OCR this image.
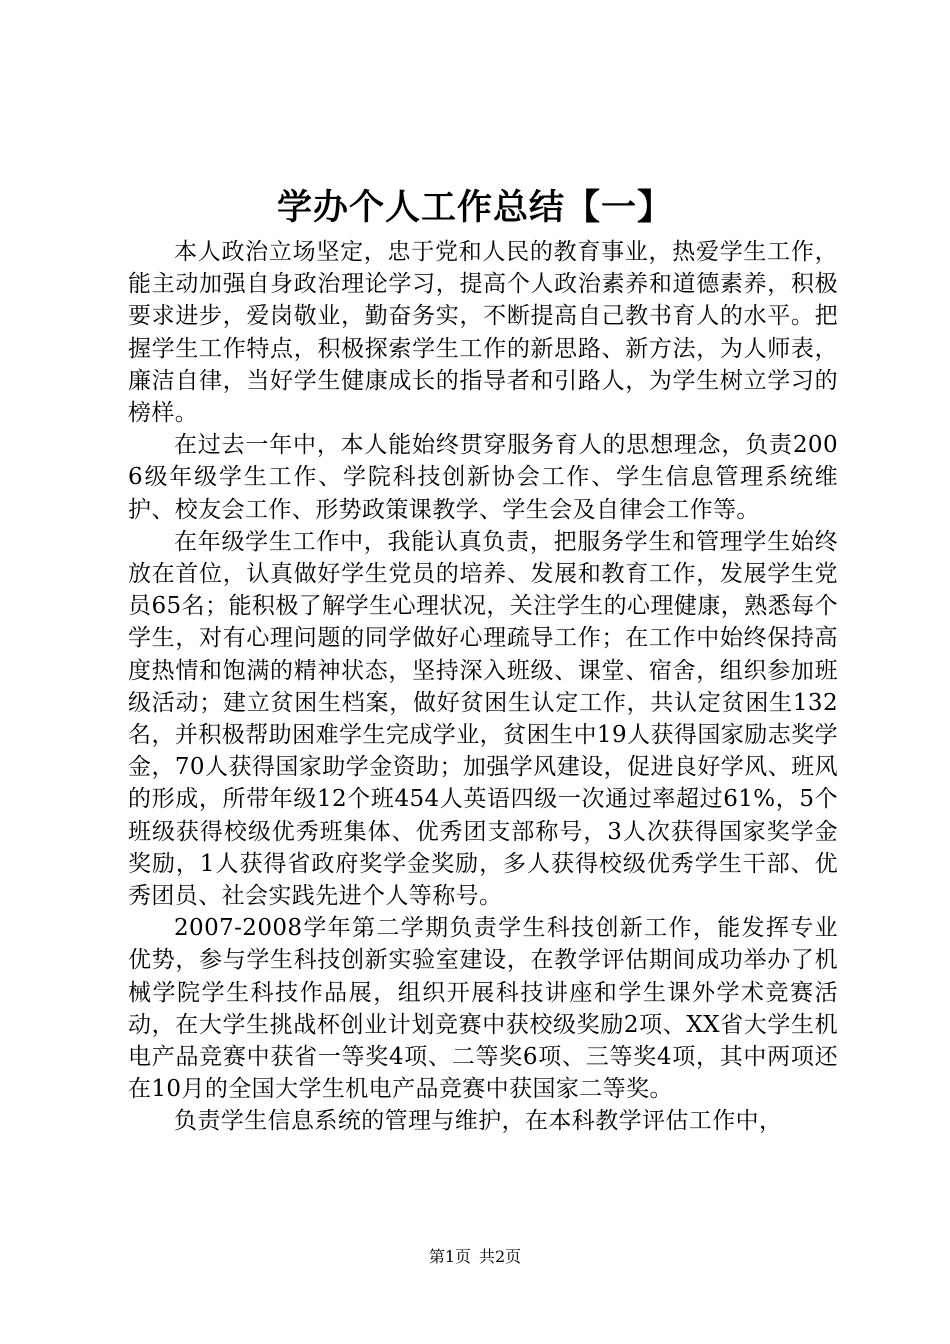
学办个人工作总结【一】

本人政治立场坚定，忠于党和人民的教育事业，热爱学生工作，能主动加强自身政治理论学习，提高个人政治素养和道德素养，积极要求进步，爱岗敬业，勤奋务实，不断提高自己教书育人的水平。把握学生工作特点，积极探索学生工作的新思路、新方法，为人师表，廉洁自律，当好学生健康成长的指导者和引路人，为学生树立学习的榜样。

在过去一年中，本人能始终贯穿服务育人的思想理念，负责2006级年级学生工作、学院科技创新协会工作、学生信息管理系统维护、校友会工作、形势政策课教学、学生会及自律会工作等。

在年级学生工作中，我能认真负责，把服务学生和管理学生始终放在首位，认真做好学生党员的培养、发展和教育工作，发展学生党员65名；能积极了解学生心理状况，关注学生的心理健康，熟悉每个学生，对有心理问题的同学做好心理疏导工作；在工作中始终保持高度热情和饱满的精神状态，坚持深入班级、课堂、宿舍，组织参加班级活动；建立贫困生档案，做好贫困生认定工作，共认定贫困生132名，并积极帮助困难学生完成学业，贫困生中19人获得国家励志奖学金，70人获得国家助学金资助；加强学风建设，促进良好学风、班风的形成，所带年级12个班454人英语四级一次通过率超过61%，5个班级获得校级优秀班集体、优秀团支部称号，3人次获得国家奖学金奖励，1人获得省政府奖学金奖励，多人获得校级优秀学生干部、优秀团员、社会实践先进个人等称号。

2007-2008学年第二学期负责学生科技创新工作，能发挥专业优势，参与学生科技创新实验室建设，在教学评估期间成功举办了机械学院学生科技作品展，组织开展科技讲座和学生课外学术竞赛活动，在大学生挑战杯创业计划竞赛中获校级奖励2项、XX省大学生机电产品竞赛中获省一等奖4项、二等奖6项、三等奖4项，其中两项还在10月的全国大学生机电产品竞赛中获国家二等奖。

负责学生信息系统的管理与维护，在本科教学评估工作中，

第1页 共2页
